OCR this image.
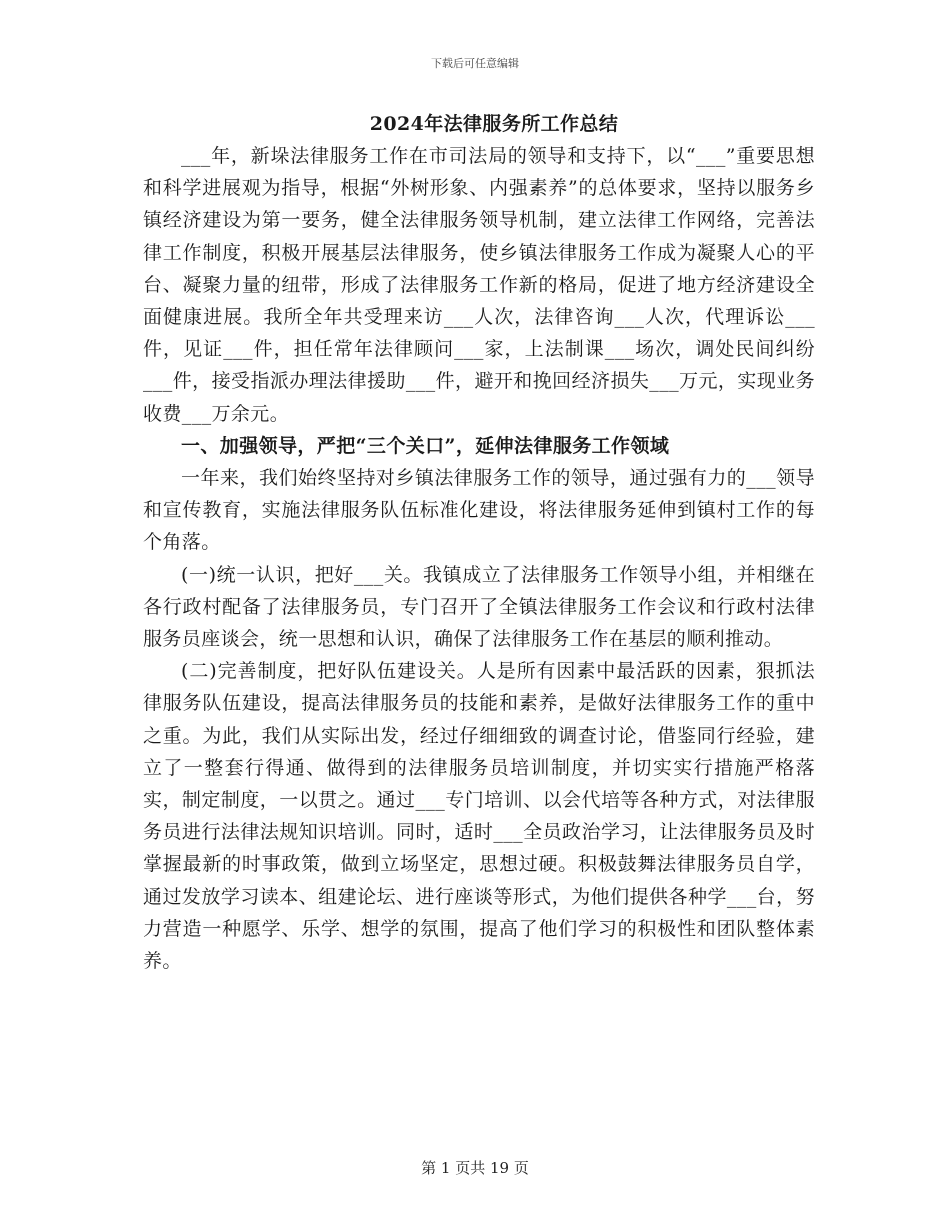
下载后可任意编辑
2024年法律服务所工作总结

___年，新垛法律服务工作在市司法局的领导和支持下，以“___”重要思想和科学进展观为指导，根据“外树形象、内强素养”的总体要求，坚持以服务乡镇经济建设为第一要务，健全法律服务领导机制，建立法律工作网络，完善法律工作制度，积极开展基层法律服务，使乡镇法律服务工作成为凝聚人心的平台、凝聚力量的纽带，形成了法律服务工作新的格局，促进了地方经济建设全面健康进展。我所全年共受理来访___人次，法律咨询___人次，代理诉讼___件，见证___件，担任常年法律顾问___家，上法制课___场次，调处民间纠纷___件，接受指派办理法律援助___件，避开和挽回经济损失___万元，实现业务收费___万余元。

一、加强领导，严把“三个关口”，延伸法律服务工作领域

一年来，我们始终坚持对乡镇法律服务工作的领导，通过强有力的___领导和宣传教育，实施法律服务队伍标准化建设，将法律服务延伸到镇村工作的每个角落。

(一)统一认识，把好___关。我镇成立了法律服务工作领导小组，并相继在各行政村配备了法律服务员，专门召开了全镇法律服务工作会议和行政村法律服务员座谈会，统一思想和认识，确保了法律服务工作在基层的顺利推动。

(二)完善制度，把好队伍建设关。人是所有因素中最活跃的因素，狠抓法律服务队伍建设，提高法律服务员的技能和素养，是做好法律服务工作的重中之重。为此，我们从实际出发，经过仔细细致的调查讨论，借鉴同行经验，建立了一整套行得通、做得到的法律服务员培训制度，并切实实行措施严格落实，制定制度，一以贯之。通过___专门培训、以会代培等各种方式，对法律服务员进行法律法规知识培训。同时，适时___全员政治学习，让法律服务员及时掌握最新的时事政策，做到立场坚定，思想过硬。积极鼓舞法律服务员自学，通过发放学习读本、组建论坛、进行座谈等形式，为他们提供各种学___台，努力营造一种愿学、乐学、想学的氛围，提高了他们学习的积极性和团队整体素养。

第 1 页共 19 页
